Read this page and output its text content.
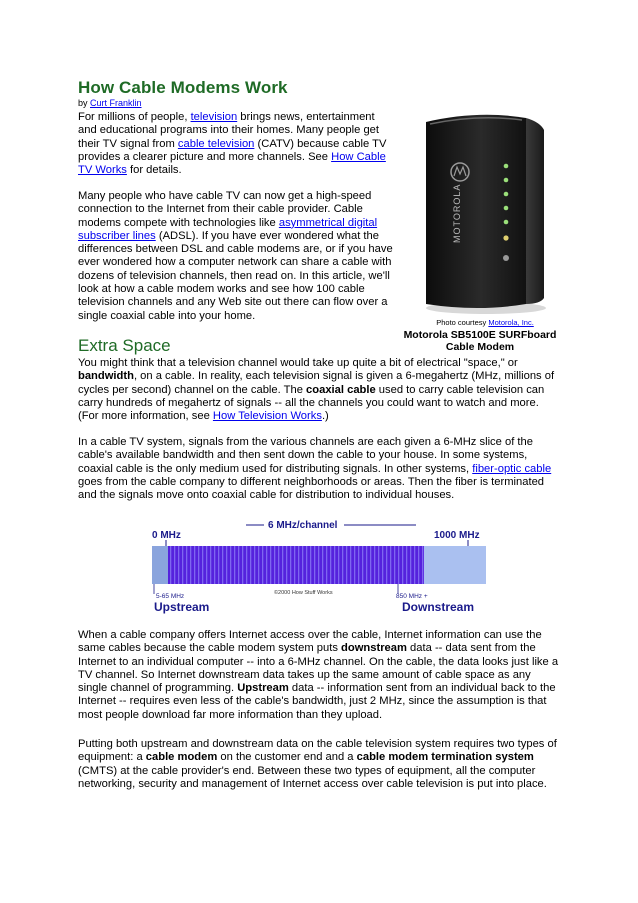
How Cable Modems Work
by Curt Franklin

For millions of people, television brings news, entertainment and educational programs into their homes. Many people get their TV signal from cable television (CATV) because cable TV provides a clearer picture and more channels. See How Cable TV Works for details.

Many people who have cable TV can now get a high-speed connection to the Internet from their cable provider. Cable modems compete with technologies like asymmetrical digital subscriber lines (ADSL). If you have ever wondered what the differences between DSL and cable modems are, or if you have ever wondered how a computer network can share a cable with dozens of television channels, then read on. In this article, we'll look at how a cable modem works and see how 100 cable television channels and any Web site out there can flow over a single coaxial cable into your home.

MOTOROLA
Photo courtesy Motorola, Inc.
Motorola SB5100E SURFboard Cable Modem
Extra Space

You might think that a television channel would take up quite a bit of electrical "space," or bandwidth, on a cable. In reality, each television signal is given a 6-megahertz (MHz, millions of cycles per second) channel on the cable. The coaxial cable used to carry cable television can carry hundreds of megahertz of signals -- all the channels you could want to watch and more. (For more information, see How Television Works.)

In a cable TV system, signals from the various channels are each given a 6-MHz slice of the cable's available bandwidth and then sent down the cable to your house. In some systems, coaxial cable is the only medium used for distributing signals. In other systems, fiber-optic cable goes from the cable company to different neighborhoods or areas. Then the fiber is terminated and the signals move onto coaxial cable for distribution to individual houses.

0 MHz
6 MHz/channel
1000 MHz
©2000 How Stuff Works
5-65 MHz
Upstream
850 MHz +
Downstream

When a cable company offers Internet access over the cable, Internet information can use the same cables because the cable modem system puts downstream data -- data sent from the Internet to an individual computer -- into a 6-MHz channel. On the cable, the data looks just like a TV channel. So Internet downstream data takes up the same amount of cable space as any single channel of programming. Upstream data -- information sent from an individual back to the Internet -- requires even less of the cable's bandwidth, just 2 MHz, since the assumption is that most people download far more information than they upload.

Putting both upstream and downstream data on the cable television system requires two types of equipment: a cable modem on the customer end and a cable modem termination system (CMTS) at the cable provider's end. Between these two types of equipment, all the computer networking, security and management of Internet access over cable television is put into place.
